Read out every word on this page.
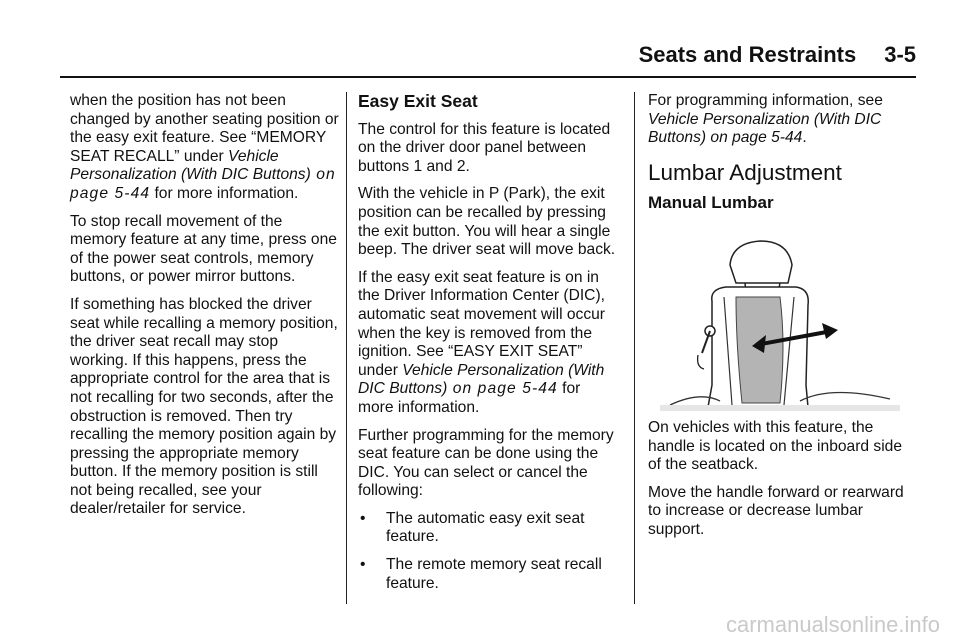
Seats and Restraints 3-5

when the position has not been changed by another seating position or the easy exit feature. See “MEMORY SEAT RECALL” under Vehicle Personalization (With DIC Buttons) on page 5-44 for more information.

To stop recall movement of the memory feature at any time, press one of the power seat controls, memory buttons, or power mirror buttons.

If something has blocked the driver seat while recalling a memory position, the driver seat recall may stop working. If this happens, press the appropriate control for the area that is not recalling for two seconds, after the obstruction is removed. Then try recalling the memory position again by pressing the appropriate memory button. If the memory position is still not being recalled, see your dealer/retailer for service.

Easy Exit Seat

The control for this feature is located on the driver door panel between buttons 1 and 2.

With the vehicle in P (Park), the exit position can be recalled by pressing the exit button. You will hear a single beep. The driver seat will move back.

If the easy exit seat feature is on in the Driver Information Center (DIC), automatic seat movement will occur when the key is removed from the ignition. See “EASY EXIT SEAT” under Vehicle Personalization (With DIC Buttons) on page 5-44 for more information.

Further programming for the memory seat feature can be done using the DIC. You can select or cancel the following:

•	The automatic easy exit seat feature.
•	The remote memory seat recall feature.

For programming information, see Vehicle Personalization (With DIC Buttons) on page 5-44.

Lumbar Adjustment
Manual Lumbar

On vehicles with this feature, the handle is located on the inboard side of the seatback.

Move the handle forward or rearward to increase or decrease lumbar support.

carmanualsonline.info
